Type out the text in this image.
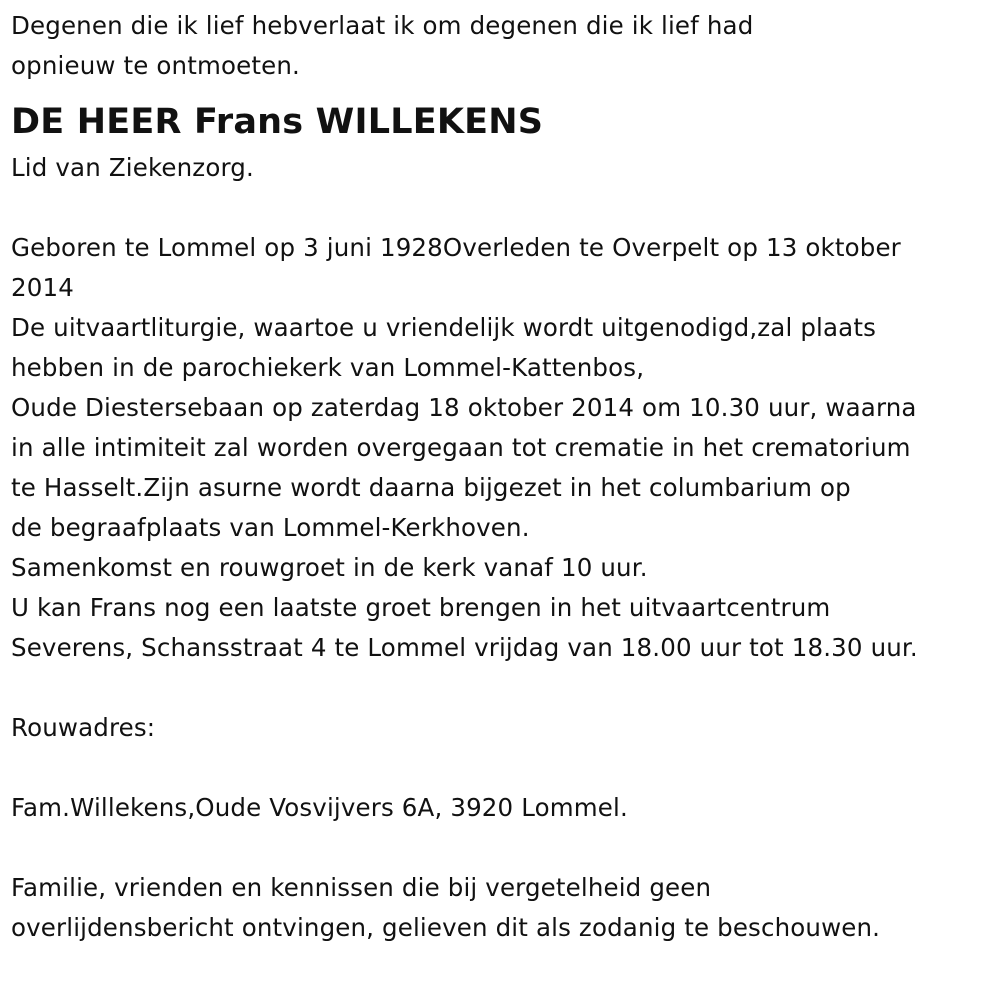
Degenen die ik lief hebverlaat ik om degenen die ik lief had
opnieuw te ontmoeten.
DE HEER Frans WILLEKENS
Lid van Ziekenzorg.
Geboren te Lommel op 3 juni 1928Overleden te Overpelt op 13 oktober
2014
De uitvaartliturgie, waartoe u vriendelijk wordt uitgenodigd,zal plaats
hebben in de parochiekerk van Lommel-Kattenbos,
Oude Diestersebaan op zaterdag 18 oktober 2014 om 10.30 uur, waarna
in alle intimiteit zal worden overgegaan tot crematie in het crematorium
te Hasselt.Zijn asurne wordt daarna bijgezet in het columbarium op
de begraafplaats van Lommel-Kerkhoven.
Samenkomst en rouwgroet in de kerk vanaf 10 uur.
U kan Frans nog een laatste groet brengen in het uitvaartcentrum
Severens, Schansstraat 4 te Lommel vrijdag van 18.00 uur tot 18.30 uur.
Rouwadres:
Fam.Willekens,Oude Vosvijvers 6A, 3920 Lommel.
Familie, vrienden en kennissen die bij vergetelheid geen
overlijdensbericht ontvingen, gelieven dit als zodanig te beschouwen.
